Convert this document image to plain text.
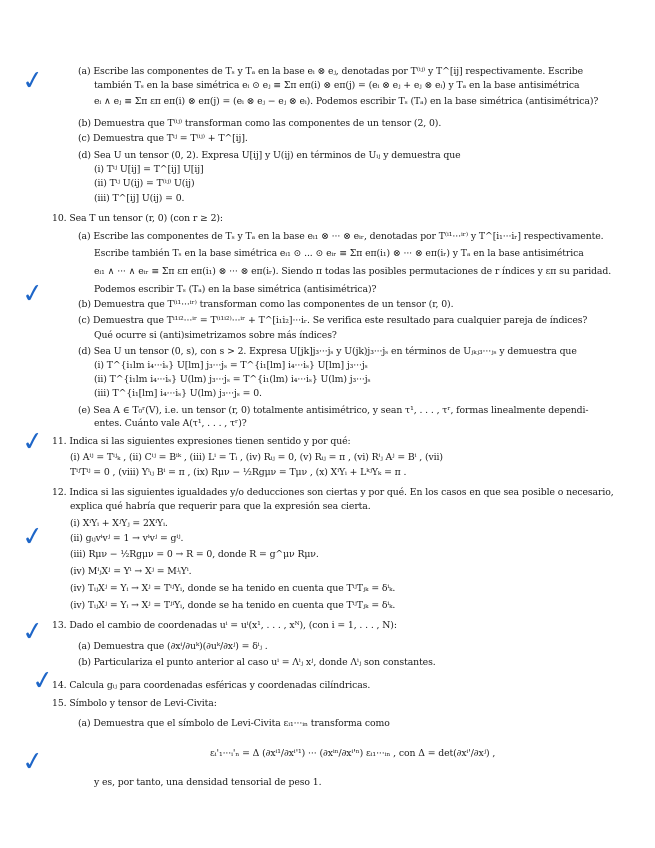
✓
✓
✓
✓
✓
✓
✓
(a) Escribe las componentes de Tₛ y Tₐ en la base eᵢ ⊗ eⱼ, denotadas por T⁽ⁱʲ⁾ y T^[ij] respectivamente. Escribe
también Tₛ en la base simétrica eᵢ ⊙ eⱼ ≡ Σπ eπ(i) ⊗ eπ(j) = (eᵢ ⊗ eⱼ + eⱼ ⊗ eᵢ) y Tₐ en la base antisimétrica
eᵢ ∧ eⱼ ≡ Σπ επ eπ(i) ⊗ eπ(j) = (eᵢ ⊗ eⱼ − eⱼ ⊗ eᵢ). Podemos escribir Tₛ (Tₐ) en la base simétrica (antisimétrica)?
(b) Demuestra que T⁽ⁱʲ⁾ transforman como las componentes de un tensor (2, 0).
(c) Demuestra que Tⁱʲ = T⁽ⁱʲ⁾ + T^[ij].
(d) Sea U un tensor (0, 2). Expresa U[ij] y U(ij) en términos de Uᵢⱼ y demuestra que
(i) Tⁱʲ U[ij] = T^[ij] U[ij]
(ii) Tⁱʲ U(ij) = T⁽ⁱʲ⁾ U(ij)
(iii) T^[ij] U(ij) = 0.
10. Sea T un tensor (r, 0) (con r ≥ 2):
(a) Escribe las componentes de Tₛ y Tₐ en la base eᵢ₁ ⊗ ··· ⊗ eᵢᵣ, denotadas por T⁽ⁱ¹···ⁱʳ⁾ y T^[i₁···iᵣ] respectivamente.
Escribe también Tₛ en la base simétrica eᵢ₁ ⊙ ... ⊙ eᵢᵣ ≡ Σπ eπ(i₁) ⊗ ··· ⊗ eπ(iᵣ) y Tₐ en la base antisimétrica
eᵢ₁ ∧ ··· ∧ eᵢᵣ ≡ Σπ επ eπ(i₁) ⊗ ··· ⊗ eπ(iᵣ). Siendo π todas las posibles permutaciones de r índices y επ su paridad.
Podemos escribir Tₛ (Tₐ) en la base simétrica (antisimétrica)?
(b) Demuestra que T⁽ⁱ¹···ⁱʳ⁾ transforman como las componentes de un tensor (r, 0).
(c) Demuestra que Tⁱ¹ⁱ²···ⁱʳ = T⁽ⁱ¹ⁱ²⁾···ⁱʳ + T^[i₁i₂]···iᵣ. Se verifica este resultado para cualquier pareja de índices?
Qué ocurre si (anti)simetrizamos sobre más índices?
(d) Sea U un tensor (0, s), con s > 2. Expresa U[jk]j₃···jₛ y U(jk)j₃···jₛ en términos de Uⱼₖⱼ₃···ⱼₛ y demuestra que
(i) T^{i₁lm i₄···iₛ} U[lm] j₃···jₛ = T^{i₁[lm] i₄···iₛ} U[lm] j₃···jₛ
(ii) T^{i₁lm i₄···iₛ} U(lm) j₃···jₛ = T^{i₁(lm) i₄···iₛ} U(lm) j₃···jₛ
(iii) T^{i₁[lm] i₄···iₛ} U(lm) j₃···jₛ = 0.
(e) Sea A ∈ T₀ʳ(V), i.e. un tensor (r, 0) totalmente antisimétrico, y sean τ¹, . . . , τʳ, formas linealmente dependi-
entes. Cuánto vale A(τ¹, . . . , τʳ)?
11. Indica si las siguientes expresiones tienen sentido y por qué:
(i) Aⁱʲ = Tⁱʲₖ , (ii) Cⁱʲ = Bⁱᵏ , (iii) Lⁱ = Tᵢ , (iv) Rᵢⱼ = 0, (v) Rᵢⱼ = π , (vi) Rⁱⱼ Aʲ = Bⁱ , (vii)
TⁱʲTⁱʲ = 0 , (viii) Yⁱᵢⱼ Bⁱ = π , (ix) Rμν − ½Rgμν = Tμν , (x) XⁱYᵢ + LᵏʲYₖ = π .
12. Indica si las siguientes igualdades y/o deducciones son ciertas y por qué. En los casos en que sea posible o necesario,
explica qué habría que requerir para que la expresión sea cierta.
(i) XⁱYᵢ + XʲYⱼ = 2XⁱYᵢ.
(ii) gᵢⱼvⁱvʲ = 1 → vⁱvʲ = gⁱʲ.
(iii) Rμν − ½Rgμν = 0 → R = 0, donde R = g^μν Rμν.
(iv) MⁱⱼXʲ = Yⁱ → Xʲ = MʲᵢYⁱ.
(iv) TᵢⱼXʲ = Yᵢ → Xʲ = TⁱʲYᵢ, donde se ha tenido en cuenta que TⁱʲTⱼₖ = δⁱₖ.
(iv) TᵢⱼXʲ = Yᵢ → Xʲ = TʲⁱYᵢ, donde se ha tenido en cuenta que TⁱʲTⱼₖ = δⁱₖ.
13. Dado el cambio de coordenadas uⁱ = uⁱ(x¹, . . . , xᴺ), (con i = 1, . . . , N):
(a) Demuestra que (∂xⁱ/∂uᵏ)(∂uᵏ/∂xʲ) = δⁱⱼ .
(b) Particulariza el punto anterior al caso uⁱ = Λⁱⱼ xʲ, donde Λⁱⱼ son constantes.
14. Calcula gᵢⱼ para coordenadas esféricas y coordenadas cilíndricas.
15. Símbolo y tensor de Levi-Civita:
(a) Demuestra que el símbolo de Levi-Civita εᵢ₁···ᵢₙ transforma como
εᵢ'₁···ᵢ'ₙ = Δ (∂xⁱ¹/∂xⁱ'¹) ··· (∂xⁱⁿ/∂xⁱ'ⁿ) εᵢ₁···ᵢₙ , con Δ = det(∂xⁱ'/∂xʲ) ,
y es, por tanto, una densidad tensorial de peso 1.
